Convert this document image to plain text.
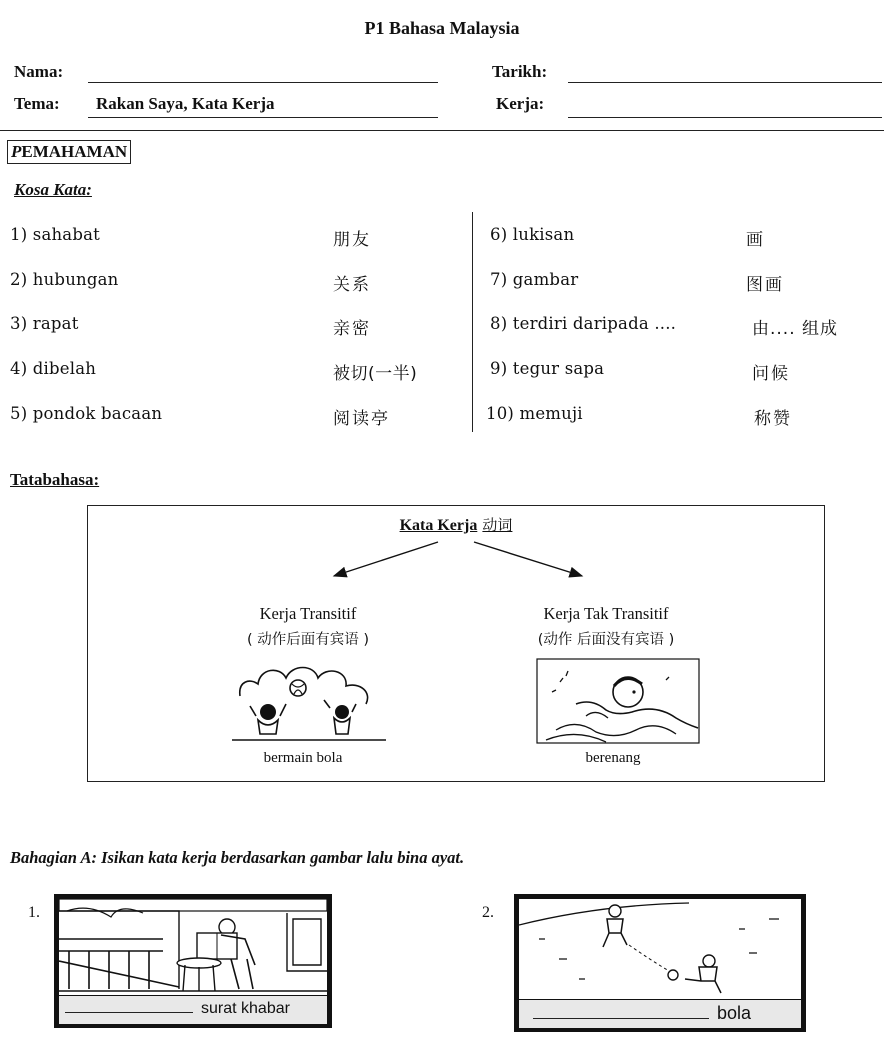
P1 Bahasa Malaysia
Nama:	Tarikh:
Tema: Rakan Saya, Kata Kerja	Kerja:
PEMAHAMAN
Kosa Kata:
1) sahabat	朋友
2) hubungan	关系
3) rapat	亲密
4) dibelah	被切(一半)
5) pondok bacaan	阅读亭
6) lukisan	画
7) gambar	图画
8) terdiri daripada ....	由.... 组成
9) tegur sapa	问候
10) memuji	称赞
Tatabahasa:
Kata Kerja 动词
Kerja Transitif
( 动作后面有宾语 )
bermain bola
Kerja Tak Transitif
(动作 后面没有宾语 )
berenang
Bahagian A: Isikan kata kerja berdasarkan gambar lalu bina ayat.
1.
surat khabar
2.
bola
